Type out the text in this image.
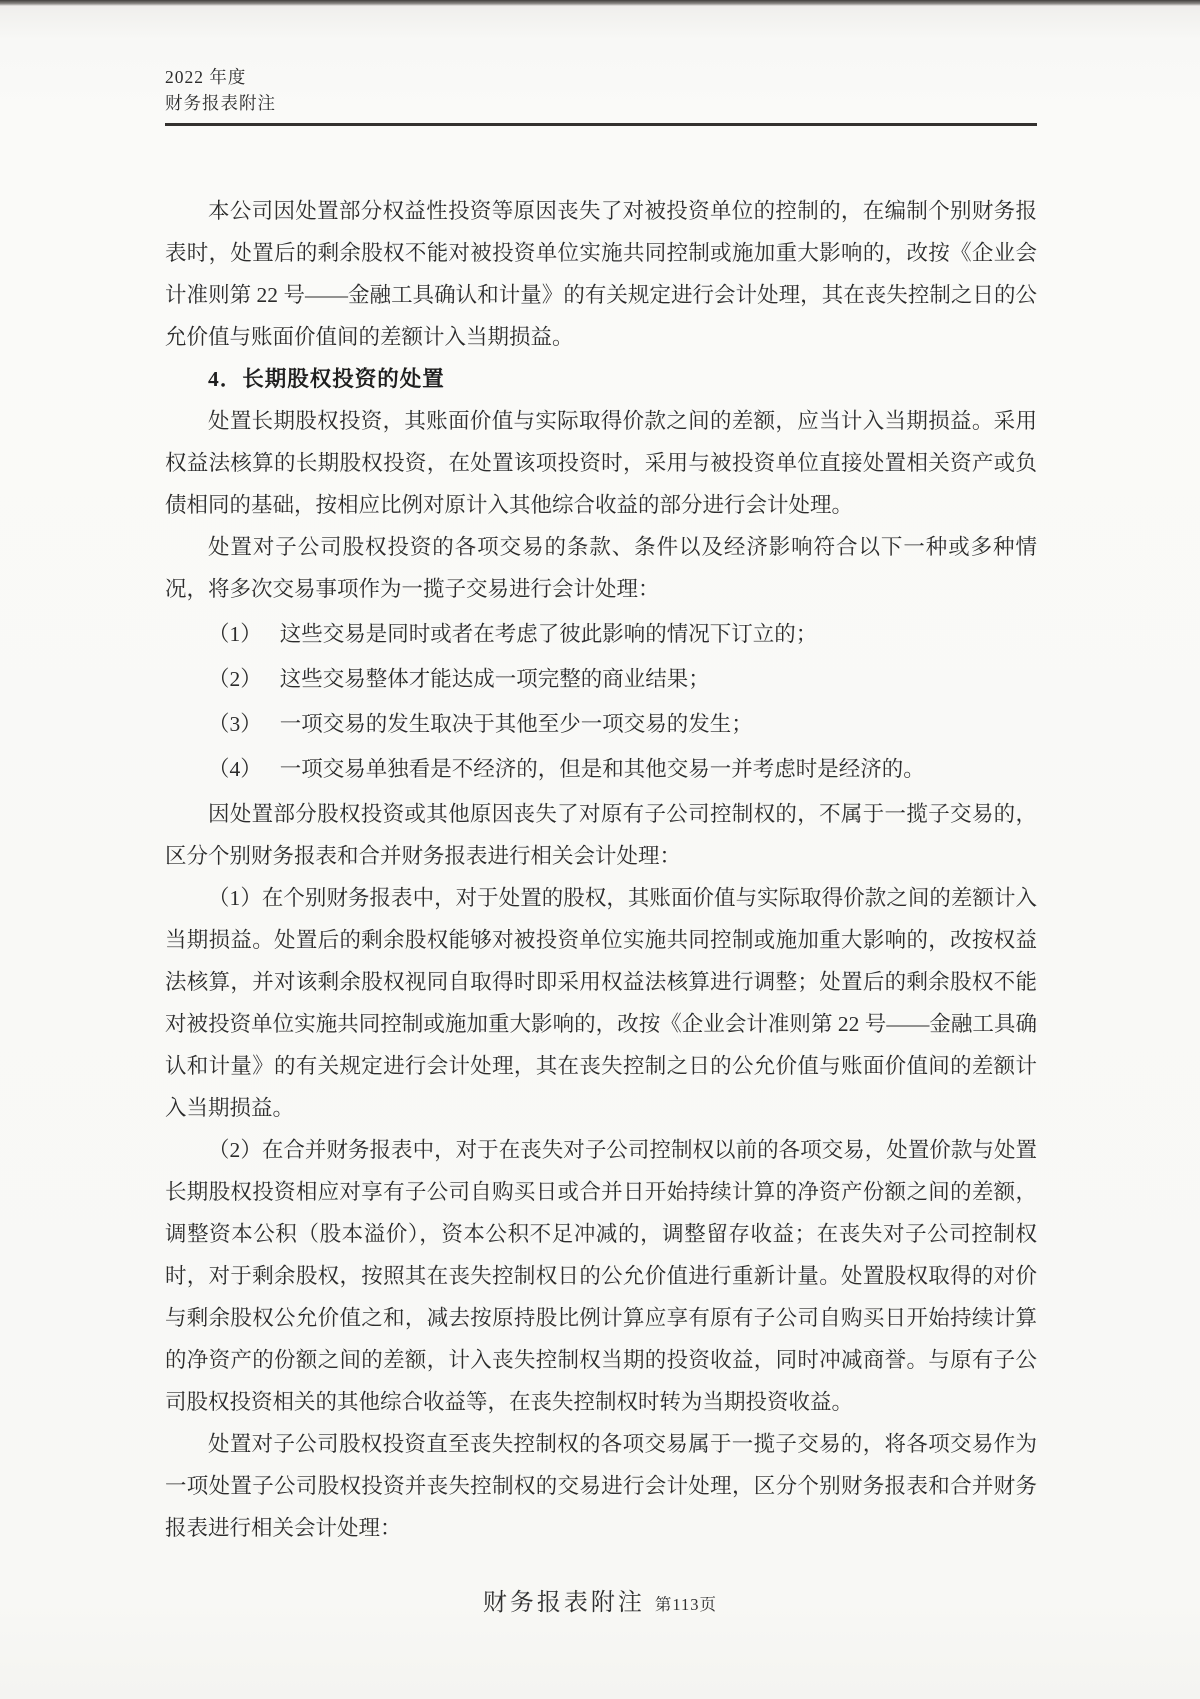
2022 年度
财务报表附注

本公司因处置部分权益性投资等原因丧失了对被投资单位的控制的，在编制个别财务报表时，处置后的剩余股权不能对被投资单位实施共同控制或施加重大影响的，改按《企业会计准则第 22 号——金融工具确认和计量》的有关规定进行会计处理，其在丧失控制之日的公允价值与账面价值间的差额计入当期损益。

4．长期股权投资的处置

处置长期股权投资，其账面价值与实际取得价款之间的差额，应当计入当期损益。采用权益法核算的长期股权投资，在处置该项投资时，采用与被投资单位直接处置相关资产或负债相同的基础，按相应比例对原计入其他综合收益的部分进行会计处理。

处置对子公司股权投资的各项交易的条款、条件以及经济影响符合以下一种或多种情况，将多次交易事项作为一揽子交易进行会计处理：

（1） 这些交易是同时或者在考虑了彼此影响的情况下订立的；
（2） 这些交易整体才能达成一项完整的商业结果；
（3） 一项交易的发生取决于其他至少一项交易的发生；
（4） 一项交易单独看是不经济的，但是和其他交易一并考虑时是经济的。

因处置部分股权投资或其他原因丧失了对原有子公司控制权的，不属于一揽子交易的，区分个别财务报表和合并财务报表进行相关会计处理：

（1）在个别财务报表中，对于处置的股权，其账面价值与实际取得价款之间的差额计入当期损益。处置后的剩余股权能够对被投资单位实施共同控制或施加重大影响的，改按权益法核算，并对该剩余股权视同自取得时即采用权益法核算进行调整；处置后的剩余股权不能对被投资单位实施共同控制或施加重大影响的，改按《企业会计准则第 22 号——金融工具确认和计量》的有关规定进行会计处理，其在丧失控制之日的公允价值与账面价值间的差额计入当期损益。

（2）在合并财务报表中，对于在丧失对子公司控制权以前的各项交易，处置价款与处置长期股权投资相应对享有子公司自购买日或合并日开始持续计算的净资产份额之间的差额，调整资本公积（股本溢价），资本公积不足冲减的，调整留存收益；在丧失对子公司控制权时，对于剩余股权，按照其在丧失控制权日的公允价值进行重新计量。处置股权取得的对价与剩余股权公允价值之和，减去按原持股比例计算应享有原有子公司自购买日开始持续计算的净资产的份额之间的差额，计入丧失控制权当期的投资收益，同时冲减商誉。与原有子公司股权投资相关的其他综合收益等，在丧失控制权时转为当期投资收益。

处置对子公司股权投资直至丧失控制权的各项交易属于一揽子交易的，将各项交易作为一项处置子公司股权投资并丧失控制权的交易进行会计处理，区分个别财务报表和合并财务报表进行相关会计处理：

财务报表附注 第113页
